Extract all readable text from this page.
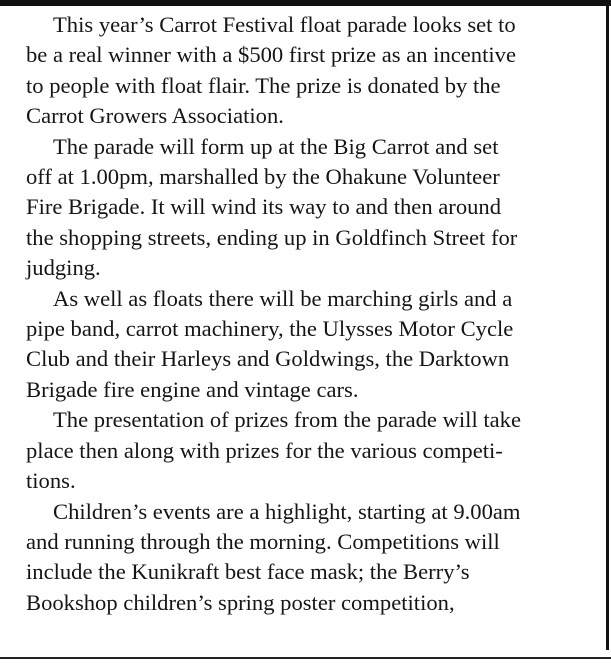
This year’s Carrot Festival float parade looks set to
be a real winner with a $500 first prize as an incentive
to people with float flair. The prize is donated by the
Carrot Growers Association.

The parade will form up at the Big Carrot and set
off at 1.00pm, marshalled by the Ohakune Volunteer
Fire Brigade. It will wind its way to and then around
the shopping streets, ending up in Goldfinch Street for
judging.

As well as floats there will be marching girls and a
pipe band, carrot machinery, the Ulysses Motor Cycle
Club and their Harleys and Goldwings, the Darktown
Brigade fire engine and vintage cars.

The presentation of prizes from the parade will take
place then along with prizes for the various competi-
tions.

Children’s events are a highlight, starting at 9.00am
and running through the morning. Competitions will
include the Kunikraft best face mask; the Berry’s
Bookshop children’s spring poster competition,
